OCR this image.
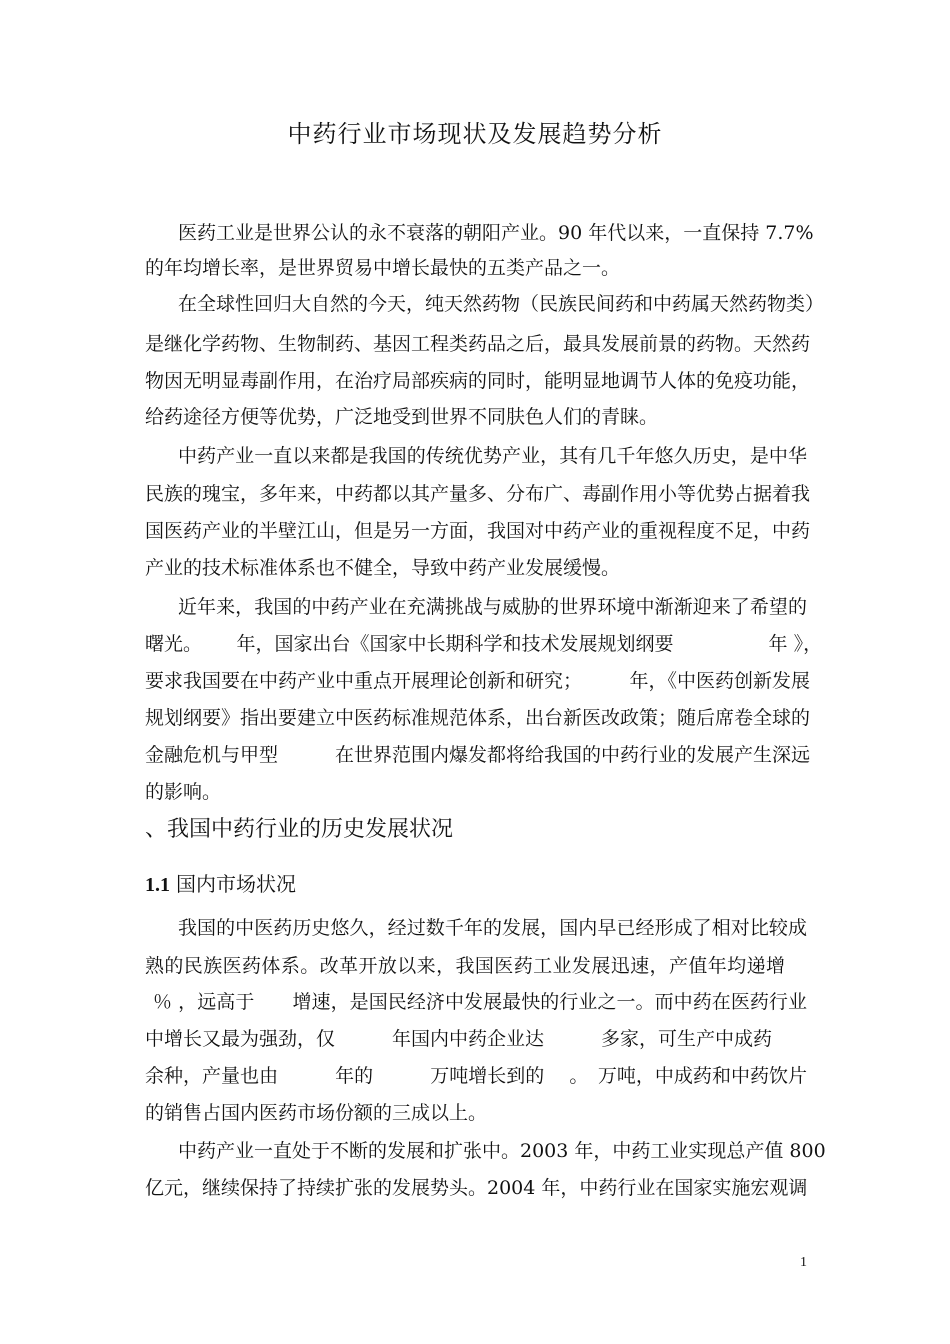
中药行业市场现状及发展趋势分析
医药工业是世界公认的永不衰落的朝阳产业。90 年代以来，一直保持 7.7%
的年均增长率，是世界贸易中增长最快的五类产品之一。
在全球性回归大自然的今天，纯天然药物（民族民间药和中药属天然药物类）
是继化学药物、生物制药、基因工程类药品之后，最具发展前景的药物。天然药
物因无明显毒副作用，在治疗局部疾病的同时，能明显地调节人体的免疫功能，
给药途径方便等优势，广泛地受到世界不同肤色人们的青睐。
中药产业一直以来都是我国的传统优势产业，其有几千年悠久历史，是中华
民族的瑰宝，多年来，中药都以其产量多、分布广、毒副作用小等优势占据着我
国医药产业的半壁江山，但是另一方面，我国对中药产业的重视程度不足，中药
产业的技术标准体系也不健全，导致中药产业发展缓慢。
近年来，我国的中药产业在充满挑战与威胁的世界环境中渐渐迎来了希望的
曙光。　　 年，国家出台《国家中长期科学和技术发展规划纲要　　　　　年 》，
要求我国要在中药产业中重点开展理论创新和研究；　　　年，《中医药创新发展
规划纲要》指出要建立中医药标准规范体系，出台新医改政策；随后席卷全球的
金融危机与甲型　　　在世界范围内爆发都将给我国的中药行业的发展产生深远
的影响。
、我国中药行业的历史发展状况
1.1 国内市场状况
我国的中医药历史悠久，经过数千年的发展，国内早已经形成了相对比较成
熟的民族医药体系。改革开放以来，我国医药工业发展迅速，产值年均递增
％ ，远高于　　增速，是国民经济中发展最快的行业之一。而中药在医药行业
中增长又最为强劲，仅　　　年国内中药企业达　　　多家，可生产中成药
余种，产量也由　　　年的　　　万吨增长到的　 。　万吨，中成药和中药饮片
的销售占国内医药市场份额的三成以上。
中药产业一直处于不断的发展和扩张中。2003 年，中药工业实现总产值 800
亿元，继续保持了持续扩张的发展势头。2004 年，中药行业在国家实施宏观调
1
